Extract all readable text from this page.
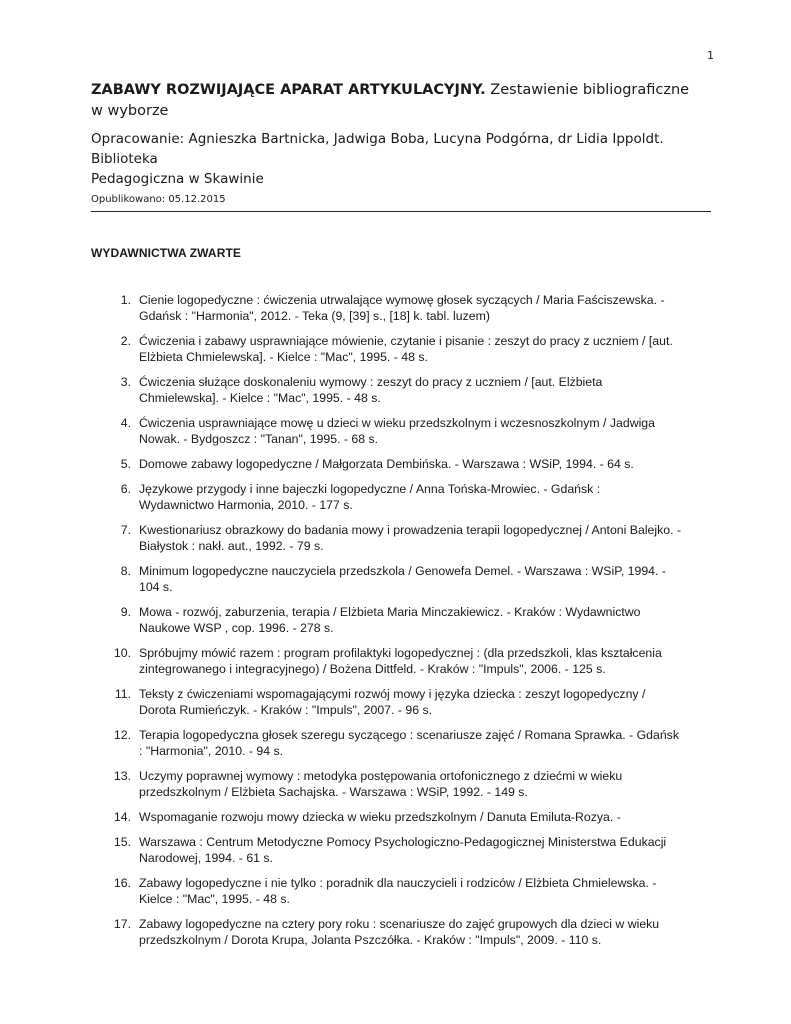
1
ZABAWY ROZWIJAJĄCE APARAT ARTYKULACYJNY. Zestawienie bibliograficzne
w wyborze
Opracowanie: Agnieszka Bartnicka, Jadwiga Boba, Lucyna Podgórna, dr Lidia Ippoldt. Biblioteka
Pedagogiczna w Skawinie
Opublikowano: 05.12.2015
WYDAWNICTWA ZWARTE
1. Cienie logopedyczne : ćwiczenia utrwalające wymowę głosek syczących / Maria Faściszewska. -
Gdańsk : "Harmonia", 2012. - Teka (9, [39] s., [18] k. tabl. luzem)
2. Ćwiczenia i zabawy usprawniające mówienie, czytanie i pisanie : zeszyt do pracy z uczniem / [aut.
Elżbieta Chmielewska]. - Kielce : "Mac", 1995. - 48 s.
3. Ćwiczenia służące doskonaleniu wymowy : zeszyt do pracy z uczniem / [aut. Elżbieta
Chmielewska]. - Kielce : "Mac", 1995. - 48 s.
4. Ćwiczenia usprawniające mowę u dzieci w wieku przedszkolnym i wczesnoszkolnym / Jadwiga
Nowak. - Bydgoszcz : "Tanan", 1995. - 68 s.
5. Domowe zabawy logopedyczne / Małgorzata Dembińska. - Warszawa : WSiP, 1994. - 64 s.
6. Językowe przygody i inne bajeczki logopedyczne / Anna Tońska-Mrowiec. - Gdańsk :
Wydawnictwo Harmonia, 2010. - 177 s.
7. Kwestionariusz obrazkowy do badania mowy i prowadzenia terapii logopedycznej / Antoni Balejko. -
Białystok : nakł. aut., 1992. - 79 s.
8. Minimum logopedyczne nauczyciela przedszkola / Genowefa Demel. - Warszawa : WSiP, 1994. -
104 s.
9. Mowa - rozwój, zaburzenia, terapia / Elżbieta Maria Minczakiewicz. - Kraków : Wydawnictwo
Naukowe WSP , cop. 1996. - 278 s.
10. Spróbujmy mówić razem : program profilaktyki logopedycznej : (dla przedszkoli, klas kształcenia
zintegrowanego i integracyjnego) / Bożena Dittfeld. - Kraków : "Impuls", 2006. - 125 s.
11. Teksty z ćwiczeniami wspomagającymi rozwój mowy i języka dziecka : zeszyt logopedyczny /
Dorota Rumieńczyk. - Kraków : "Impuls", 2007. - 96 s.
12. Terapia logopedyczna głosek szeregu syczącego : scenariusze zajęć / Romana Sprawka. - Gdańsk
: "Harmonia", 2010. - 94 s.
13. Uczymy poprawnej wymowy : metodyka postępowania ortofonicznego z dziećmi w wieku
przedszkolnym / Elżbieta Sachajska. - Warszawa : WSiP, 1992. - 149 s.
14. Wspomaganie rozwoju mowy dziecka w wieku przedszkolnym / Danuta Emiluta-Rozya. -
15. Warszawa : Centrum Metodyczne Pomocy Psychologiczno-Pedagogicznej Ministerstwa Edukacji
Narodowej, 1994. - 61 s.
16. Zabawy logopedyczne i nie tylko : poradnik dla nauczycieli i rodziców / Elżbieta Chmielewska. -
Kielce : "Mac", 1995. - 48 s.
17. Zabawy logopedyczne na cztery pory roku : scenariusze do zajęć grupowych dla dzieci w wieku
przedszkolnym / Dorota Krupa, Jolanta Pszczółka. - Kraków : "Impuls", 2009. - 110 s.
